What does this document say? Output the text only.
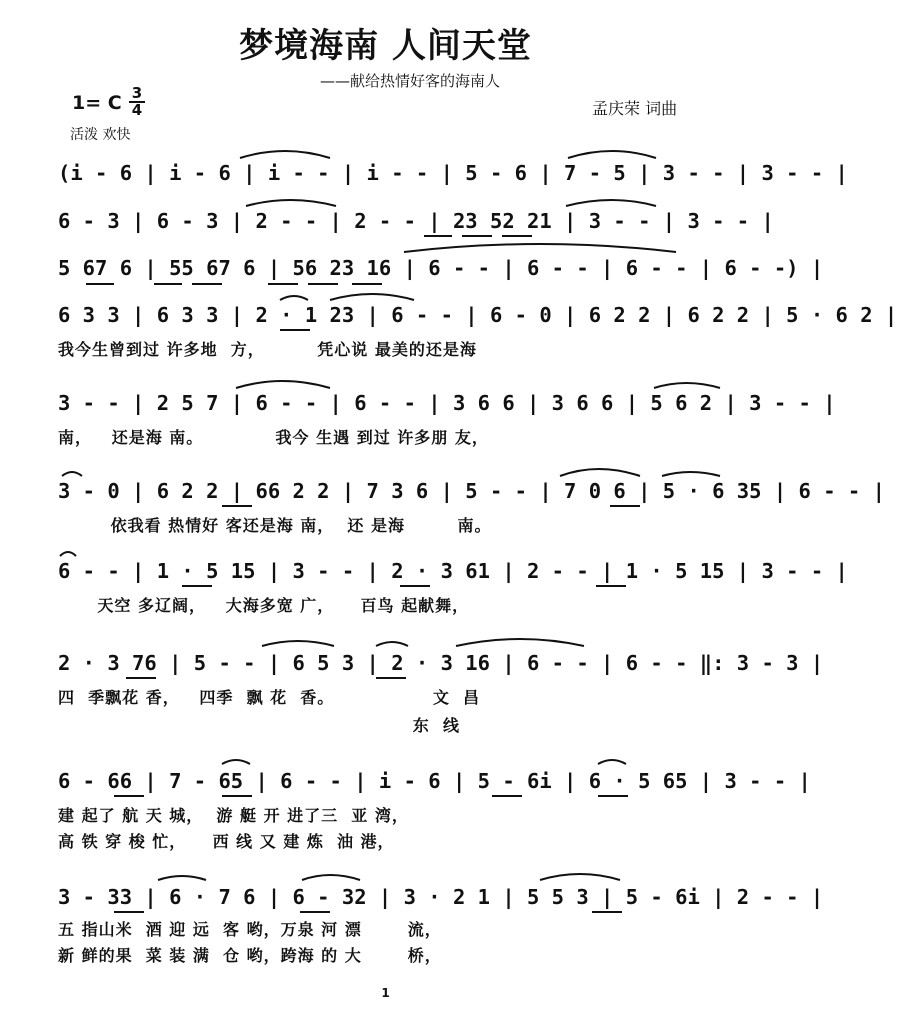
梦境海南 人间天堂
——献给热情好客的海南人
1= C 3
4
活泼 欢快
孟庆荣 词曲
(i - 6 | i - 6 | i - - | i - - | 5 - 6 | 7 - 5 | 3 - - | 3 - - |
6 - 3 | 6 - 3 | 2 - - | 2 - - | 23 52 21 | 3 - - | 3 - - |
5 67 6 | 55 67 6 | 56 23 16 | 6 - - | 6 - - | 6 - - | 6 - -) |
6 3 3 | 6 3 3 | 2 · 1 23 | 6 - - | 6 - 0 | 6 2 2 | 6 2 2 | 5 · 6 2 |
我今生曾到过 许多地  方，        凭心说 最美的还是海
3 - - | 2 5 7 | 6 - - | 6 - - | 3 6 6 | 3 6 6 | 5 6 2 | 3 - - |
南，   还是海 南。           我今 生遇 到过 许多朋 友，
3 - 0 | 6 2 2 | 66 2 2 | 7 3 6 | 5 - - | 7 0 6 | 5 · 6 35 | 6 - - |
依我看 热情好 客还是海 南，  还 是海        南。
6 - - | 1 · 5 15 | 3 - - | 2 · 3 61 | 2 - - | 1 · 5 15 | 3 - - |
天空 多辽阔，   大海多宽 广，    百鸟 起献舞，
2 · 3 76 | 5 - - | 6 5 3 | 2 · 3 16 | 6 - - | 6 - - ‖: 3 - 3 |
四  季飘花 香，   四季  飘 花  香。               文  昌
东  线
6 - 66 | 7 - 65 | 6 - - | i - 6 | 5 - 6i | 6 · 5 65 | 3 - - |
建 起了 航 天 城，  游 艇 开 进了三  亚 湾，
高 铁 穿 梭 忙，    西 线 又 建 炼  油 港，
3 - 33 | 6 · 7 6 | 6 - 32 | 3 · 2 1 | 5 5 3 | 5 - 6i | 2 - - |
五 指山米  酒 迎 远  客 哟，万泉 河 漂       流，
新 鲜的果  菜 装 满  仓 哟，跨海 的 大       桥，
1
